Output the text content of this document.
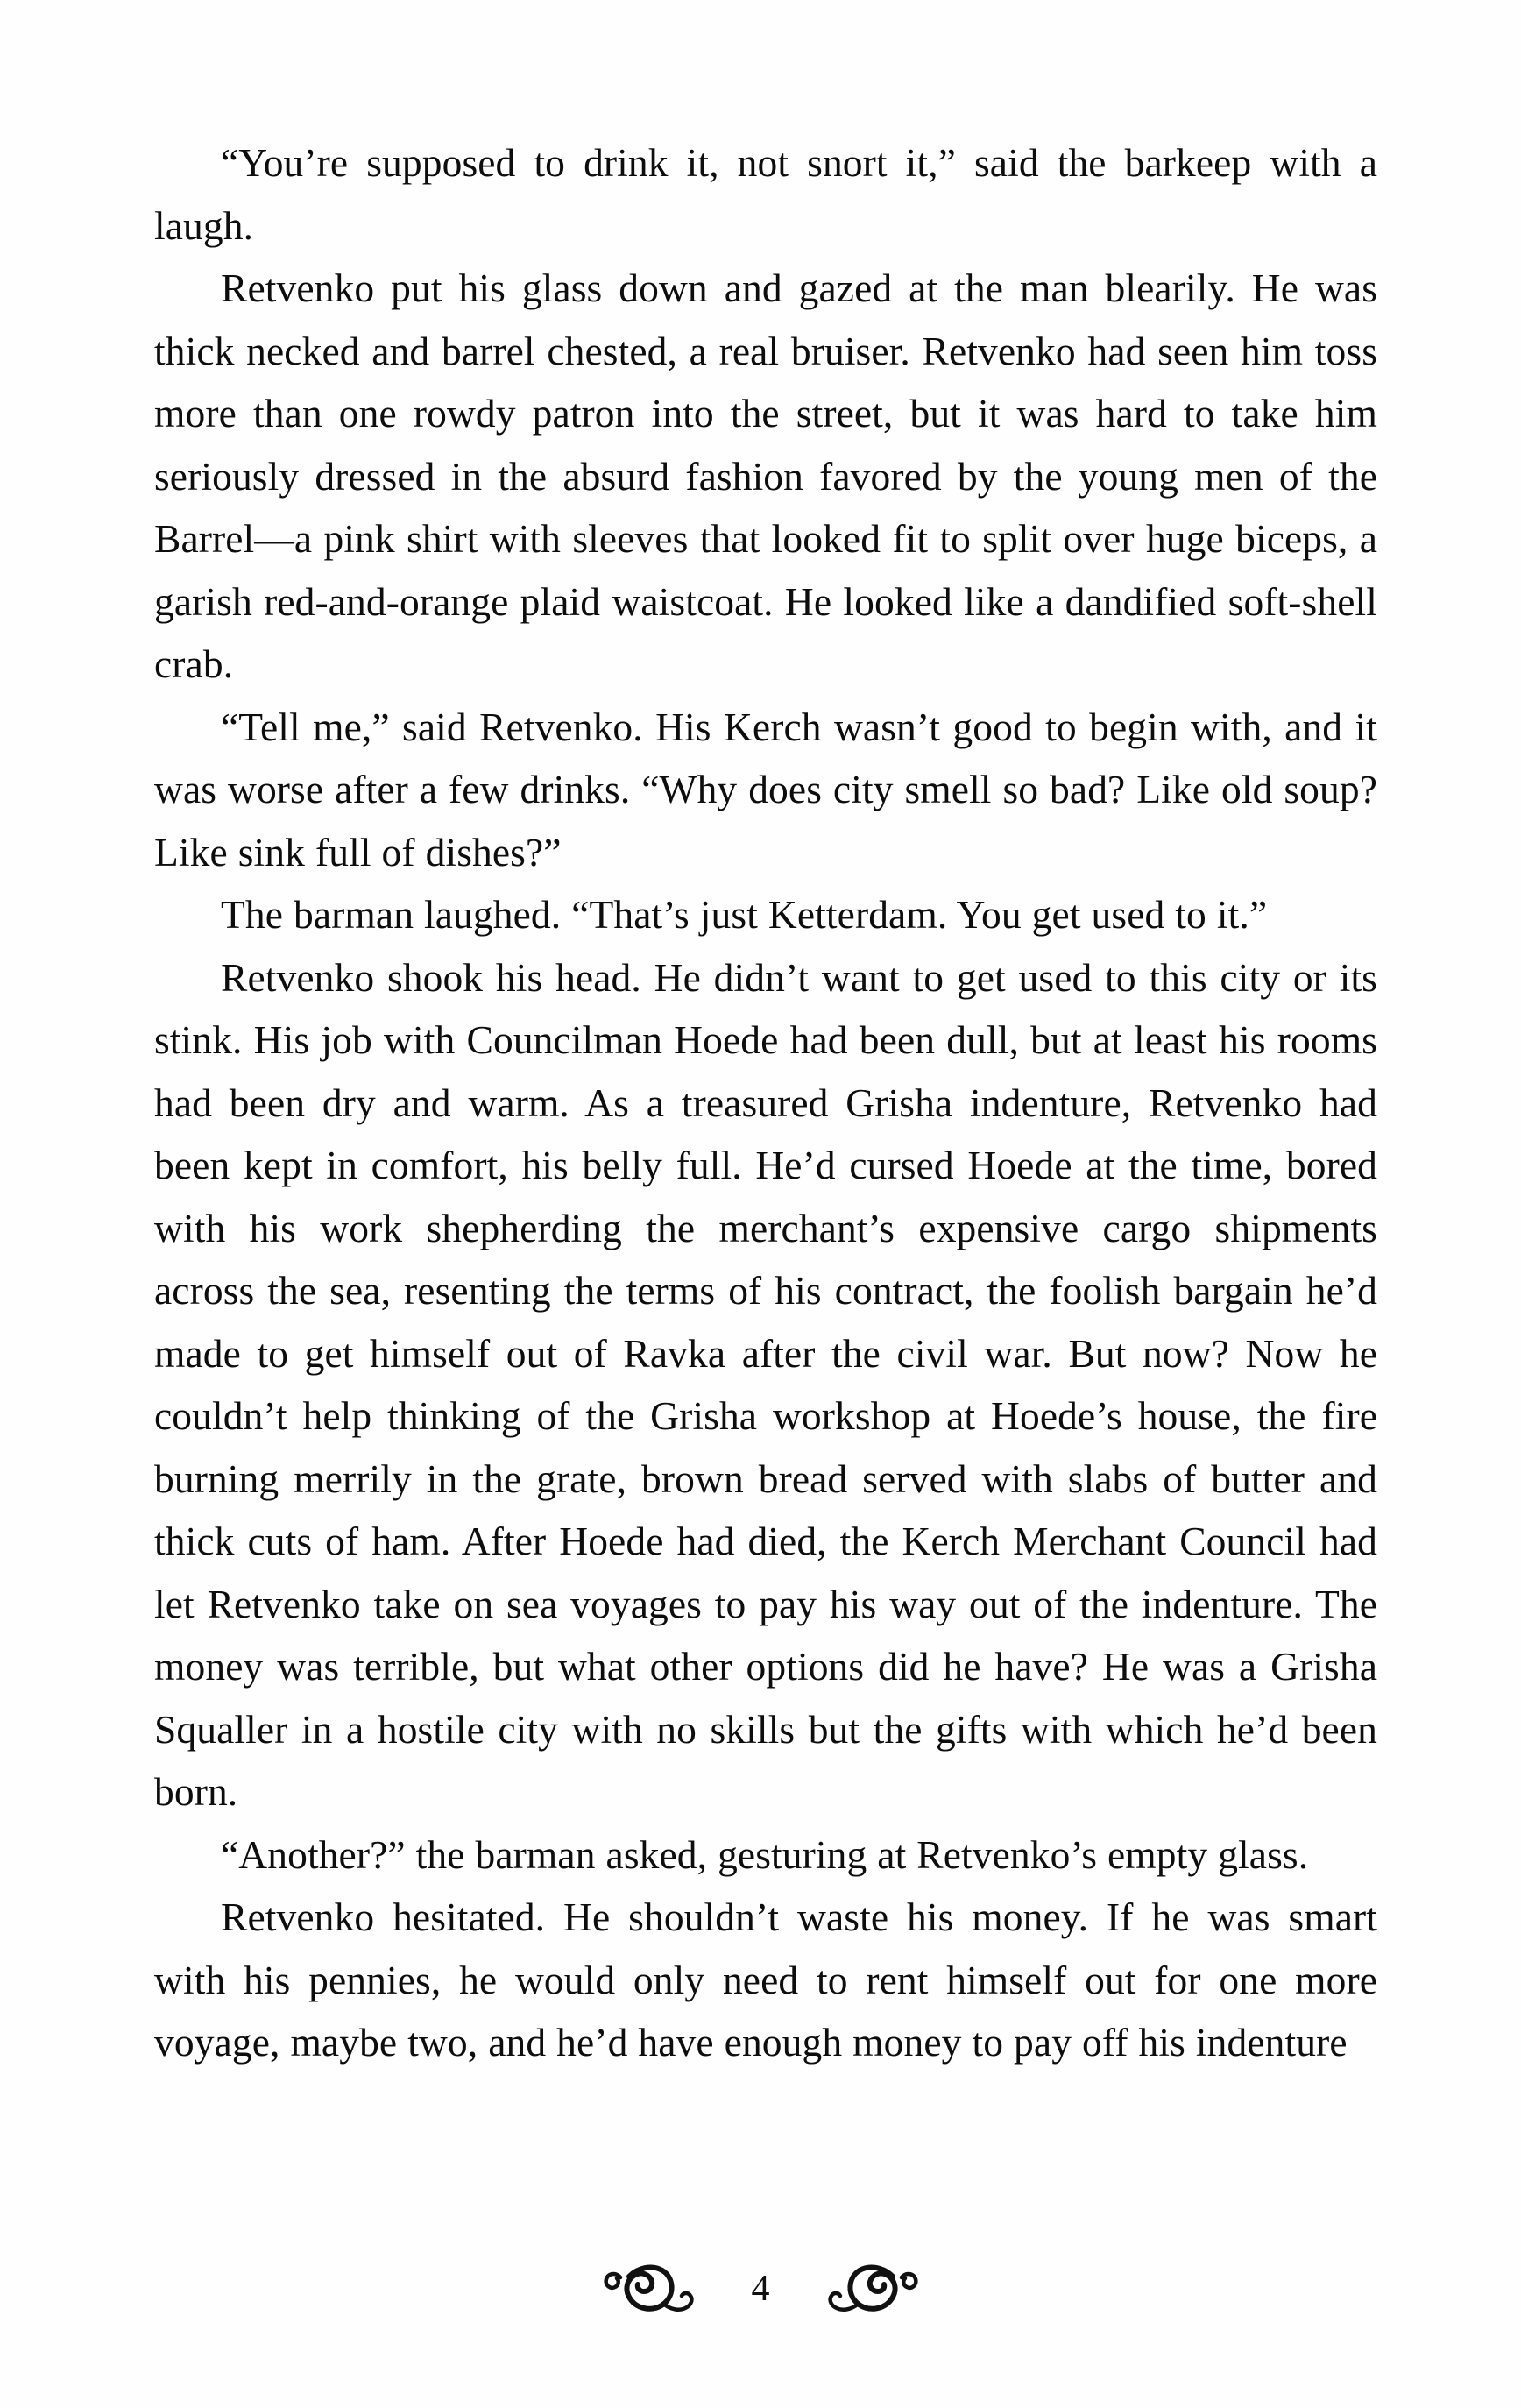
“You’re supposed to drink it, not snort it,” said the barkeep with a laugh.

Retvenko put his glass down and gazed at the man blearily. He was thick necked and barrel chested, a real bruiser. Retvenko had seen him toss more than one rowdy patron into the street, but it was hard to take him seriously dressed in the absurd fashion favored by the young men of the Barrel—a pink shirt with sleeves that looked fit to split over huge biceps, a garish red-and-orange plaid waistcoat. He looked like a dandified soft-shell crab.

“Tell me,” said Retvenko. His Kerch wasn’t good to begin with, and it was worse after a few drinks. “Why does city smell so bad? Like old soup? Like sink full of dishes?”

The barman laughed. “That’s just Ketterdam. You get used to it.”

Retvenko shook his head. He didn’t want to get used to this city or its stink. His job with Councilman Hoede had been dull, but at least his rooms had been dry and warm. As a treasured Grisha indenture, Retvenko had been kept in comfort, his belly full. He’d cursed Hoede at the time, bored with his work shepherding the merchant’s expensive cargo shipments across the sea, resenting the terms of his contract, the foolish bargain he’d made to get himself out of Ravka after the civil war. But now? Now he couldn’t help thinking of the Grisha workshop at Hoede’s house, the fire burning merrily in the grate, brown bread served with slabs of butter and thick cuts of ham. After Hoede had died, the Kerch Merchant Council had let Retvenko take on sea voyages to pay his way out of the indenture. The money was terrible, but what other options did he have? He was a Grisha Squaller in a hostile city with no skills but the gifts with which he’d been born.

“Another?” the barman asked, gesturing at Retvenko’s empty glass.

Retvenko hesitated. He shouldn’t waste his money. If he was smart with his pennies, he would only need to rent himself out for one more voyage, maybe two, and he’d have enough money to pay off his indenture

4
